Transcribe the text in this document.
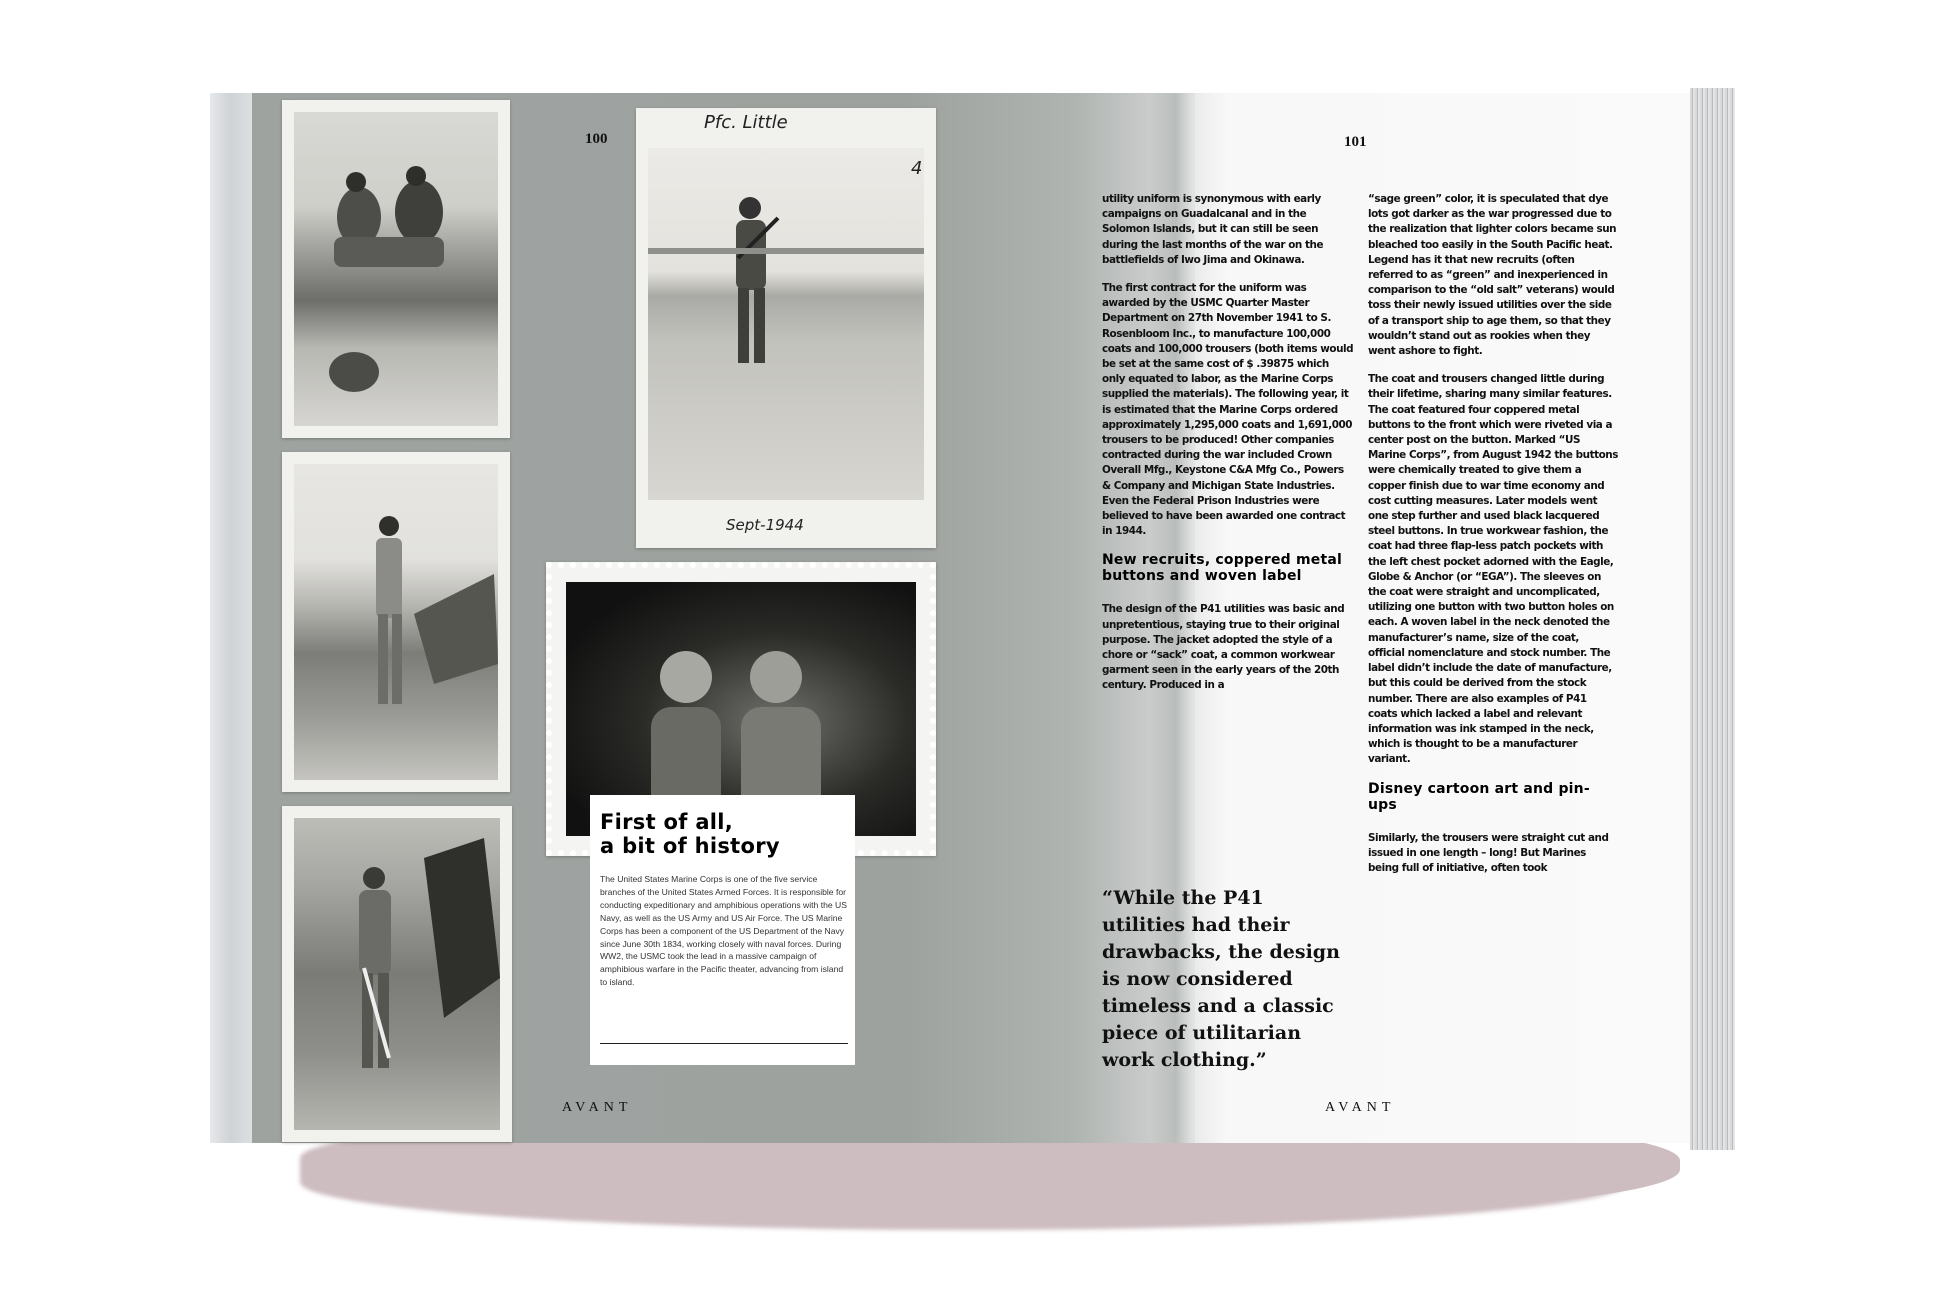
100
Pfc. Little
4
Sept-1944
First of all,
a bit of history
The United States Marine Corps is one of the five service branches of the United States Armed Forces. It is responsible for conducting expeditionary and amphibious operations with the US Navy, as well as the US Army and US Air Force. The US Marine Corps has been a component of the US Department of the Navy since June 30th 1834, working closely with naval forces. During WW2, the USMC took the lead in a massive campaign of amphibious warfare in the Pacific theater, advancing from island to island.
AVANT
101

utility uniform is synonymous with early campaigns on Guadalcanal and in the Solomon Islands, but it can still be seen during the last months of the war on the battlefields of Iwo Jima and Okinawa.

The first contract for the uniform was awarded by the USMC Quarter Master Department on 27th November 1941 to S. Rosenbloom Inc., to manufacture 100,000 coats and 100,000 trousers (both items would be set at the same cost of $ .39875 which only equated to labor, as the Marine Corps supplied the materials). The following year, it is estimated that the Marine Corps ordered approximately 1,295,000 coats and 1,691,000 trousers to be produced! Other companies contracted during the war included Crown Overall Mfg., Keystone C&A Mfg Co., Powers & Company and Michigan State Industries. Even the Federal Prison Industries were believed to have been awarded one contract in 1944.

New recruits, coppered metal buttons and woven label

The design of the P41 utilities was basic and unpretentious, staying true to their original purpose. The jacket adopted the style of a chore or “sack” coat, a common workwear garment seen in the early years of the 20th century. Produced in a

“While the P41 utilities had their drawbacks, the design is now considered timeless and a classic piece of utilitarian work clothing.”

“sage green” color, it is speculated that dye lots got darker as the war progressed due to the realization that lighter colors became sun bleached too easily in the South Pacific heat. Legend has it that new recruits (often referred to as “green” and inexperienced in comparison to the “old salt” veterans) would toss their newly issued utilities over the side of a transport ship to age them, so that they wouldn’t stand out as rookies when they went ashore to fight.

The coat and trousers changed little during their lifetime, sharing many similar features. The coat featured four coppered metal buttons to the front which were riveted via a center post on the button. Marked “US Marine Corps”, from August 1942 the buttons were chemically treated to give them a copper finish due to war time economy and cost cutting measures. Later models went one step further and used black lacquered steel buttons. In true workwear fashion, the coat had three flap-less patch pockets with the left chest pocket adorned with the Eagle, Globe & Anchor (or “EGA”). The sleeves on the coat were straight and uncomplicated, utilizing one button with two button holes on each. A woven label in the neck denoted the manufacturer’s name, size of the coat, official nomenclature and stock number. The label didn’t include the date of manufacture, but this could be derived from the stock number. There are also examples of P41 coats which lacked a label and relevant information was ink stamped in the neck, which is thought to be a manufacturer variant.

Disney cartoon art and pin-ups

Similarly, the trousers were straight cut and issued in one length – long! But Marines being full of initiative, often took

AVANT
